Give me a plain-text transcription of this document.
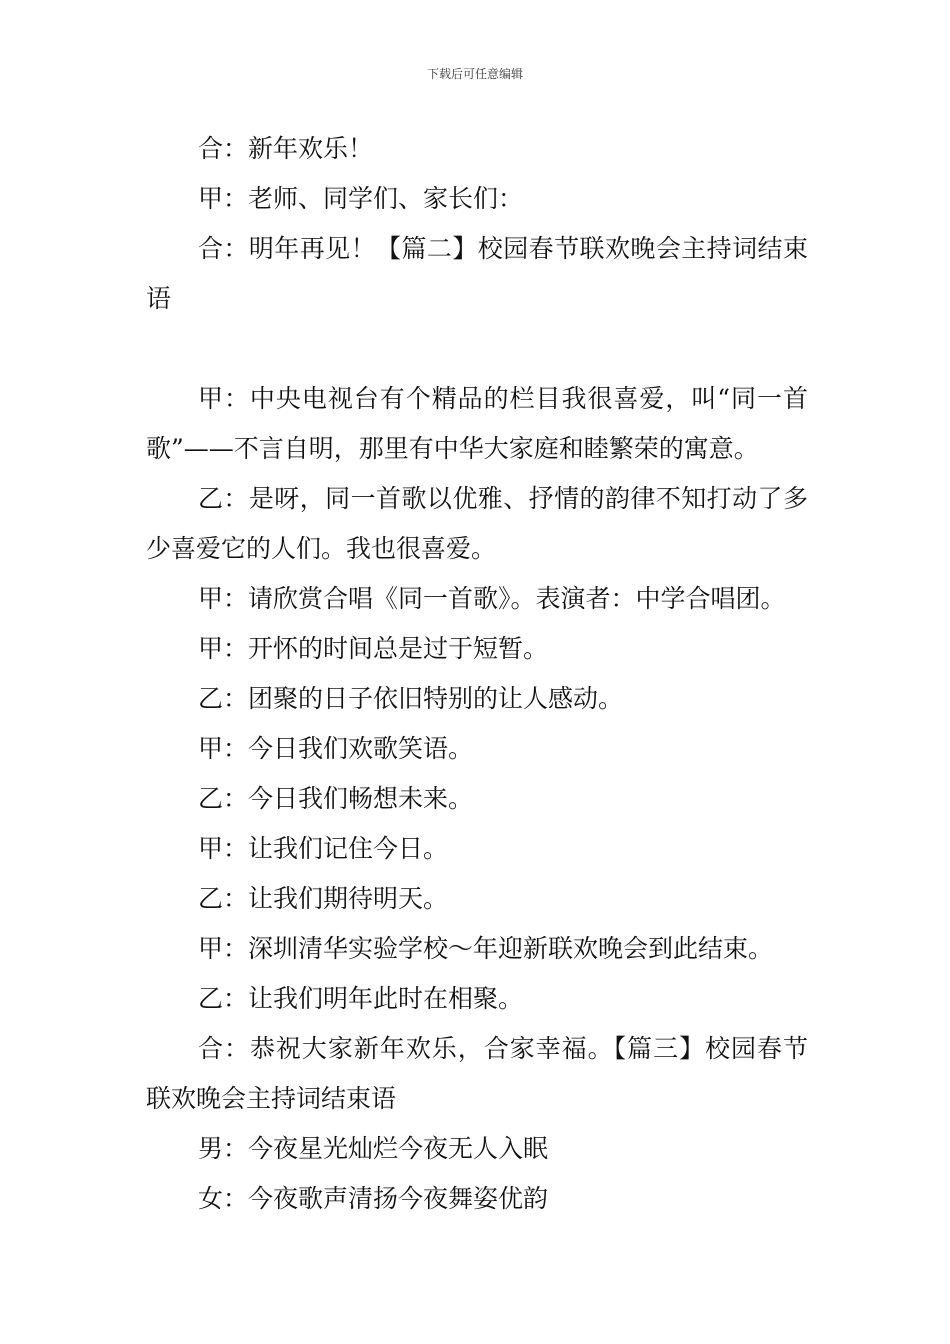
下载后可任意编辑

合：新年欢乐！

甲：老师、同学们、家长们：

合：明年再见！【篇二】校园春节联欢晚会主持词结束语

甲：中央电视台有个精品的栏目我很喜爱，叫“同一首歌”——不言自明，那里有中华大家庭和睦繁荣的寓意。

乙：是呀，同一首歌以优雅、抒情的韵律不知打动了多少喜爱它的人们。我也很喜爱。

甲：请欣赏合唱《同一首歌》。表演者：中学合唱团。

甲：开怀的时间总是过于短暂。

乙：团聚的日子依旧特别的让人感动。

甲：今日我们欢歌笑语。

乙：今日我们畅想未来。

甲：让我们记住今日。

乙：让我们期待明天。

甲：深圳清华实验学校～年迎新联欢晚会到此结束。

乙：让我们明年此时在相聚。

合：恭祝大家新年欢乐，合家幸福。【篇三】校园春节联欢晚会主持词结束语

男：今夜星光灿烂今夜无人入眠

女：今夜歌声清扬今夜舞姿优韵
